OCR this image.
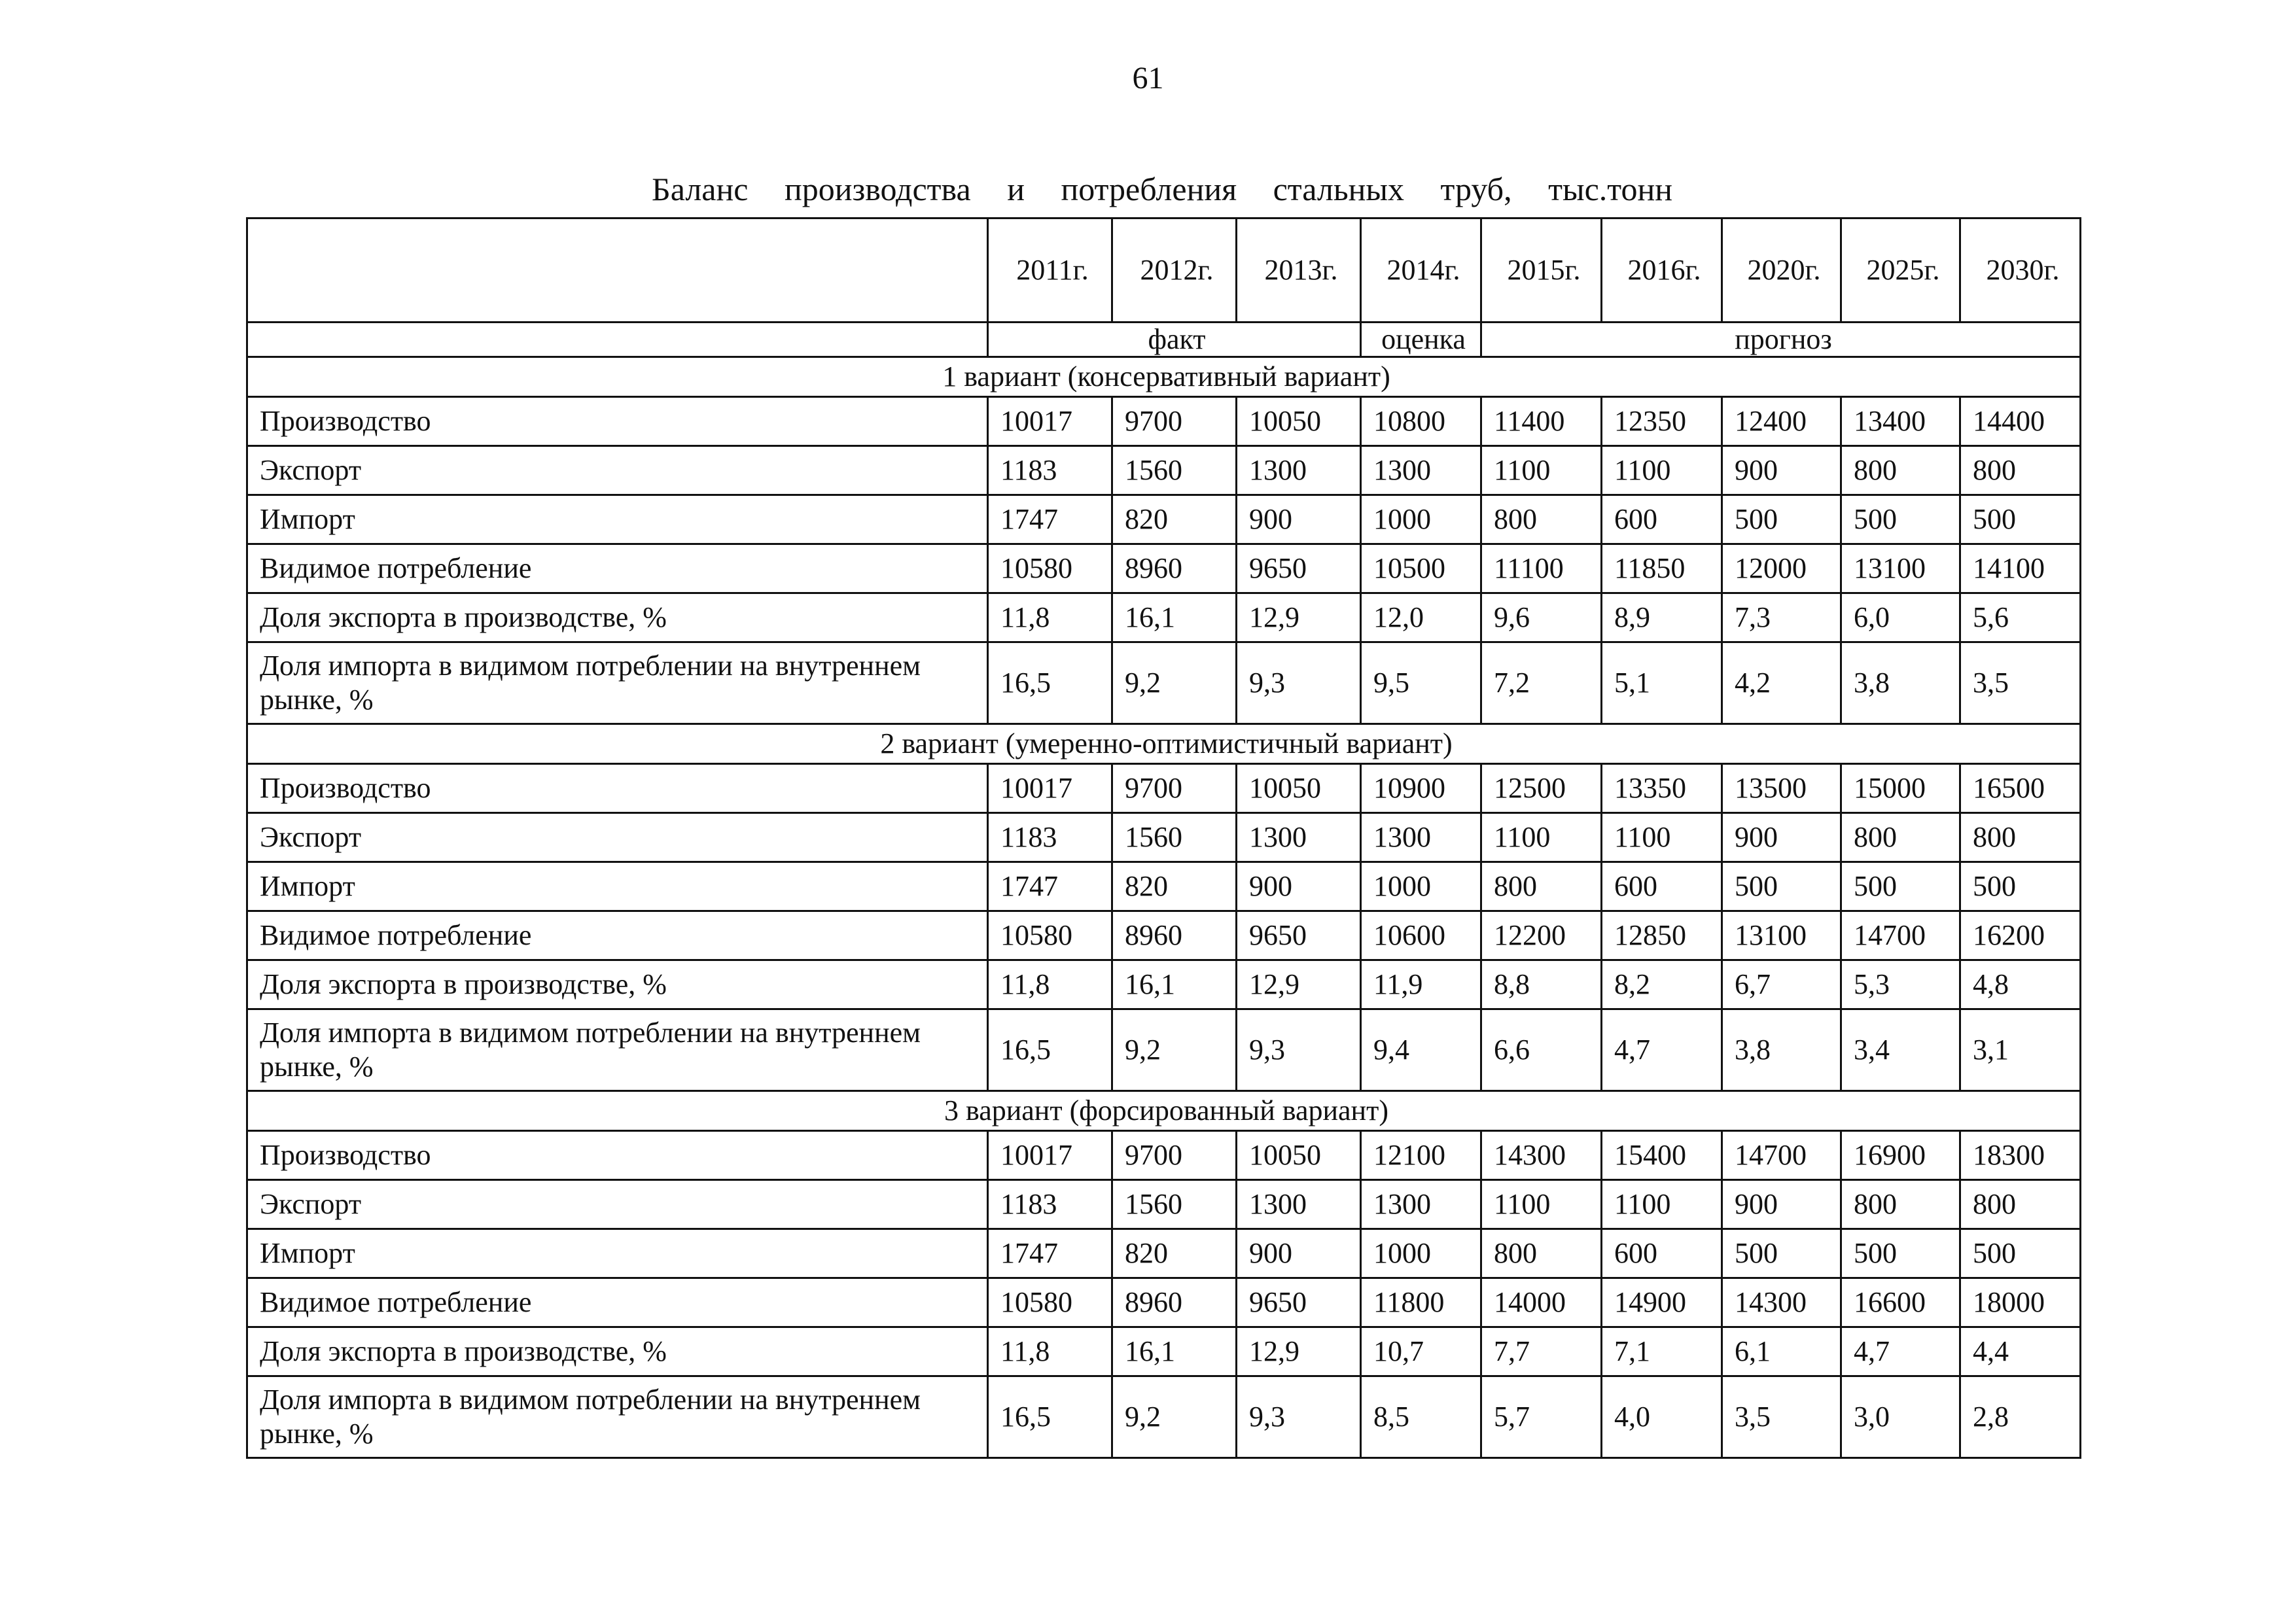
61
Баланс производства и потребления стальных труб, тыс.тонн
	2011г.	2012г.	2013г.	2014г.	2015г.	2016г.	2020г.	2025г.	2030г.
	факт			оценка	прогноз				
1 вариант (консервативный вариант)									
Производство	10017	9700	10050	10800	11400	12350	12400	13400	14400
Экспорт	1183	1560	1300	1300	1100	1100	900	800	800
Импорт	1747	820	900	1000	800	600	500	500	500
Видимое потребление	10580	8960	9650	10500	11100	11850	12000	13100	14100
Доля экспорта в производстве, %	11,8	16,1	12,9	12,0	9,6	8,9	7,3	6,0	5,6
Доля импорта в видимом потреблении на внутреннем рынке, %	16,5	9,2	9,3	9,5	7,2	5,1	4,2	3,8	3,5
2 вариант (умеренно-оптимистичный вариант)									
Производство	10017	9700	10050	10900	12500	13350	13500	15000	16500
Экспорт	1183	1560	1300	1300	1100	1100	900	800	800
Импорт	1747	820	900	1000	800	600	500	500	500
Видимое потребление	10580	8960	9650	10600	12200	12850	13100	14700	16200
Доля экспорта в производстве, %	11,8	16,1	12,9	11,9	8,8	8,2	6,7	5,3	4,8
Доля импорта в видимом потреблении на внутреннем рынке, %	16,5	9,2	9,3	9,4	6,6	4,7	3,8	3,4	3,1
3 вариант (форсированный вариант)									
Производство	10017	9700	10050	12100	14300	15400	14700	16900	18300
Экспорт	1183	1560	1300	1300	1100	1100	900	800	800
Импорт	1747	820	900	1000	800	600	500	500	500
Видимое потребление	10580	8960	9650	11800	14000	14900	14300	16600	18000
Доля экспорта в производстве, %	11,8	16,1	12,9	10,7	7,7	7,1	6,1	4,7	4,4
Доля импорта в видимом потреблении на внутреннем рынке, %	16,5	9,2	9,3	8,5	5,7	4,0	3,5	3,0	2,8
